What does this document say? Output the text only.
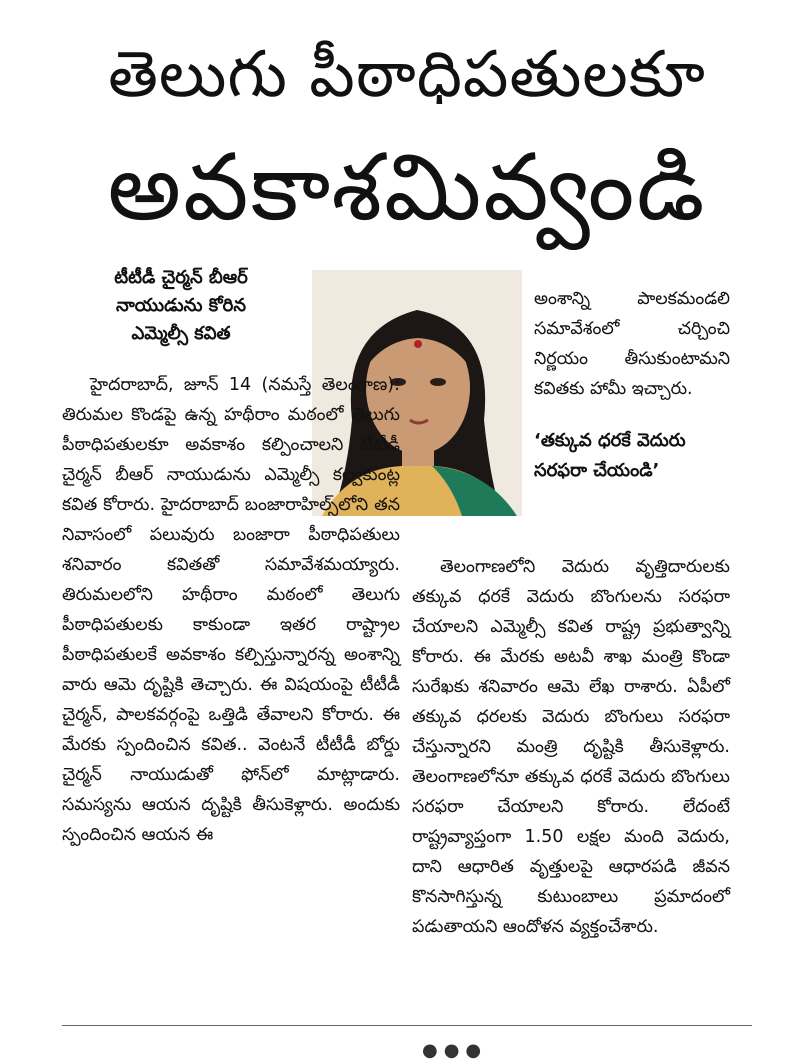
తెలుగు పీఠాధిపతులకూ
అవకాశమివ్వండి
టీటీడీ చైర్మన్ బీఆర్
నాయుడును కోరిన
ఎమ్మెల్సీ కవిత

అంశాన్ని పాలకమండలి సమావేశంలో చర్చించి నిర్ణయం తీసుకుంటామని కవితకు హామీ ఇచ్చారు.

‘తక్కువ ధరకే వెదురు సరఫరా చేయండి’

హైదరాబాద్, జూన్ 14 (నమస్తే తెలంగాణ): తిరుమల కొండపై ఉన్న హథీరాం మఠంలో తెలుగు పీఠాధిపతులకూ అవకాశం కల్పించాలని టీటీడీ చైర్మన్ బీఆర్ నాయుడును ఎమ్మెల్సీ కల్వకుంట్ల కవిత కోరారు. హైదరాబాద్ బంజారాహిల్స్‌లోని తన నివాసంలో పలువురు బంజారా పీఠాధిపతులు శనివారం కవితతో సమావేశమయ్యారు. తిరుమలలోని హథీరాం మఠంలో తెలుగు పీఠాధిపతులకు కాకుండా ఇతర రాష్ట్రాల పీఠాధిపతులకే అవకాశం కల్పిస్తున్నారన్న అంశాన్ని వారు ఆమె దృష్టికి తెచ్చారు. ఈ విషయంపై టీటీడీ చైర్మన్, పాలకవర్గంపై ఒత్తిడి తేవాలని కోరారు. ఈ మేరకు స్పందించిన కవిత.. వెంటనే టీటీడీ బోర్డు చైర్మన్ నాయుడుతో ఫోన్‌లో మాట్లాడారు. సమస్యను ఆయన దృష్టికి తీసుకెళ్లారు. అందుకు స్పందించిన ఆయన ఈ

తెలంగాణలోని వెదురు వృత్తిదారులకు తక్కువ ధరకే వెదురు బొంగులను సరఫరా చేయాలని ఎమ్మెల్సీ కవిత రాష్ట్ర ప్రభుత్వాన్ని కోరారు. ఈ మేరకు అటవీ శాఖ మంత్రి కొండా సురేఖకు శనివారం ఆమె లేఖ రాశారు. ఏపీలో తక్కువ ధరలకు వెదురు బొంగులు సరఫరా చేస్తున్నారని మంత్రి దృష్టికి తీసుకెళ్లారు. తెలంగాణలోనూ తక్కువ ధరకే వెదురు బొంగులు సరఫరా చేయాలని కోరారు. లేదంటే రాష్ట్రవ్యాప్తంగా 1.50 లక్షల మంది వెదురు, దాని ఆధారిత వృత్తులపై ఆధారపడి జీవన కొనసాగిస్తున్న కుటుంబాలు ప్రమాదంలో పడుతాయని ఆందోళన వ్యక్తంచేశారు.

●●●
